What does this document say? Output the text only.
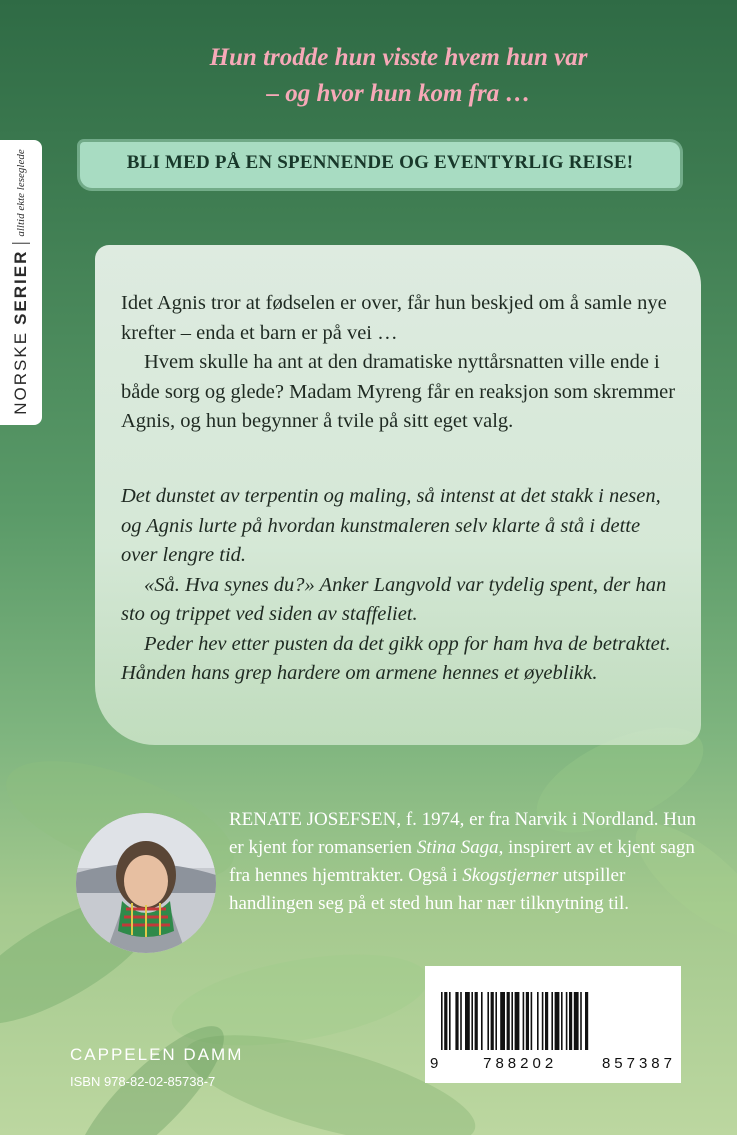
NORSKE
SERIER
alltid ekte leseglede
Hun trodde hun visste hvem hun var
– og hvor hun kom fra …
BLI MED PÅ EN SPENNENDE OG EVENTYRLIG REISE!

Idet Agnis tror at fødselen er over, får hun beskjed om å samle nye krefter – enda et barn er på vei …

Hvem skulle ha ant at den dramatiske nyttårsnatten ville ende i både sorg og glede? Madam Myreng får en reaksjon som skremmer Agnis, og hun begynner å tvile på sitt eget valg.

Det dunstet av terpentin og maling, så intenst at det stakk i nesen, og Agnis lurte på hvordan kunstmaleren selv klarte å stå i dette over lengre tid.

«Så. Hva synes du?» Anker Langvold var tydelig spent, der han sto og trippet ved siden av staffeliet.

Peder hev etter pusten da det gikk opp for ham hva de betraktet. Hånden hans grep hardere om armene hennes et øyeblikk.

RENATE JOSEFSEN, f. 1974, er fra Narvik i Nordland. Hun er kjent for romanserien Stina Saga, inspirert av et kjent sagn fra hennes hjemtrakter. Også i Skogstjerner utspiller handlingen seg på et sted hun har nær tilknytning til.

9	788202	857387
CAPPELEN DAMM
ISBN 978-82-02-85738-7
